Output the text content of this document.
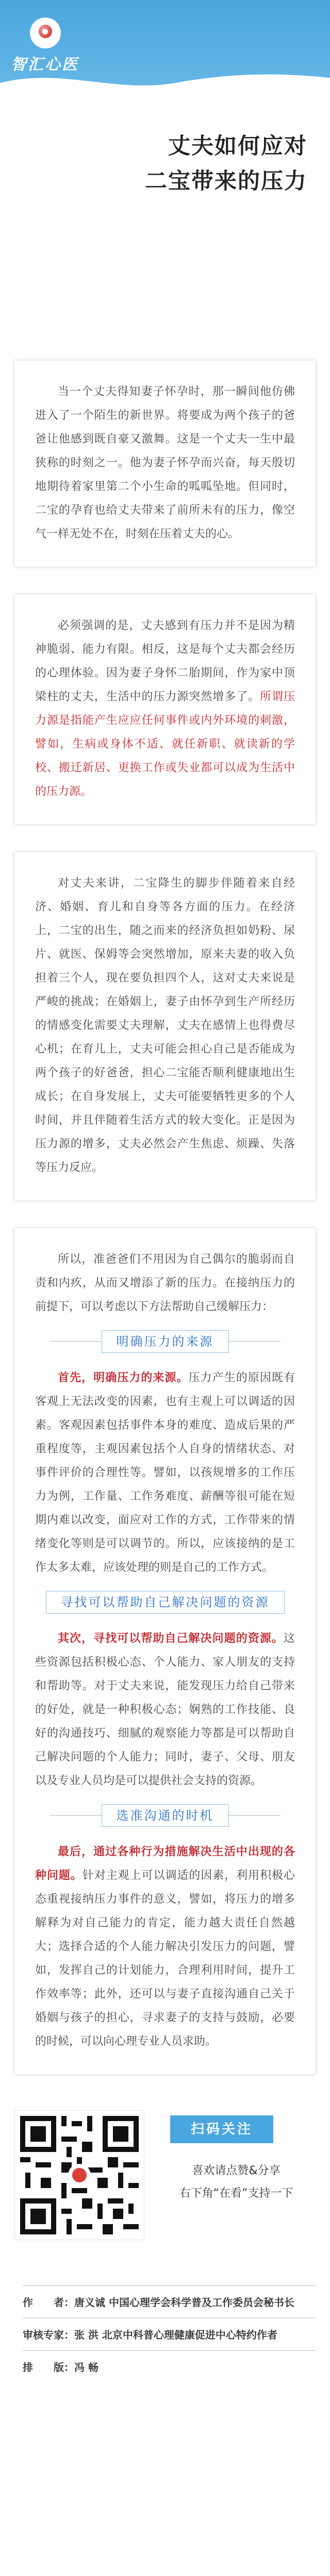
智汇心医
丈夫如何应对
二宝带来的压力

当一个丈夫得知妻子怀孕时，那一瞬间他仿佛进入了一个陌生的新世界。将要成为两个孩子的爸爸让他感到既自豪又激舞。这是一个丈夫一生中最狭称的时刻之一。他为妻子怀孕而兴奋，每天殷切地期待着家里第二个小生命的呱呱坠地。但同时，二宝的孕育也给丈夫带来了前所未有的压力，像空气一样无处不在，时刻在压着丈夫的心。

必须强调的是，丈夫感到有压力并不是因为精神脆弱、能力有限。相反，这是每个丈夫都会经历的心理体验。因为妻子身怀二胎期间，作为家中顶梁柱的丈夫，生活中的压力源突然增多了。所谓压力源是指能产生应应任何事件或内外环境的刺激，譬如，生病或身体不适、就任新职、就读新的学校、搬迁新居、更换工作或失业都可以成为生活中的压力源。

对丈夫来讲，二宝降生的脚步伴随着来自经济、婚姻、育儿和自身等各方面的压力。在经济上，二宝的出生，随之而来的经济负担如奶粉、尿片、就医、保姆等会突然增加，原来夫妻的收入负担着三个人，现在要负担四个人，这对丈夫来说是严峻的挑战；在婚姻上，妻子由怀孕到生产所经历的情感变化需要丈夫理解，丈夫在感情上也得费尽心机；在育儿上，丈夫可能会担心自己是否能成为两个孩子的好爸爸，担心二宝能否顺利健康地出生成长；在自身发展上，丈夫可能要牺牲更多的个人时间，并且伴随着生活方式的较大变化。正是因为压力源的增多，丈夫必然会产生焦虑、烦躁、失落等压力反应。

所以，准爸爸们不用因为自己偶尔的脆弱而自责和内疚，从而又增添了新的压力。在接纳压力的前提下，可以考虑以下方法帮助自己缓解压力：

明确压力的来源

首先，明确压力的来源。压力产生的原因既有客观上无法改变的因素，也有主观上可以调适的因素。客观因素包括事件本身的难度、造成后果的严重程度等，主观因素包括个人自身的情绪状态、对事件评价的合理性等。譬如，以孩规增多的工作压力为例，工作量、工作务难度、薪酬等很可能在短期内难以改变，面应对工作的方式，工作带来的情绪变化等则是可以调节的。所以，应该接纳的是工作太多太难，应该处理的则是自己的工作方式。

寻找可以帮助自己解决问题的资源

其次，寻找可以帮助自己解决问题的资源。这些资源包括积极心态、个人能力、家人朋友的支持和帮助等。对于丈夫来说，能发现压力给自己带来的好处，就是一种积极心态；娴熟的工作技能、良好的沟通技巧、细腻的观察能力等都是可以帮助自己解决问题的个人能力；同时，妻子、父母、朋友以及专业人员均是可以提供社会支持的资源。

选准沟通的时机

最后，通过各种行为措施解决生活中出现的各种问题。针对主观上可以调适的因素，利用积极心态重视接纳压力事件的意义，譬如，将压力的增多解释为对自己能力的肯定，能力越大责任自然越大；选择合适的个人能力解决引发压力的问题，譬如，发挥自己的计划能力，合理利用时间，提升工作效率等；此外，还可以与妻子直接沟通自己关于婚姻与孩子的担心，寻求妻子的支持与鼓励，必要的时候，可以向心理专业人员求助。

扫码关注
喜欢请点赞&分享
右下角“在看”支持一下
作　　者：唐义诚 中国心理学会科学普及工作委员会秘书长
审核专家：张 洪 北京中科普心理健康促进中心特约作者
排　　版：冯 畅
